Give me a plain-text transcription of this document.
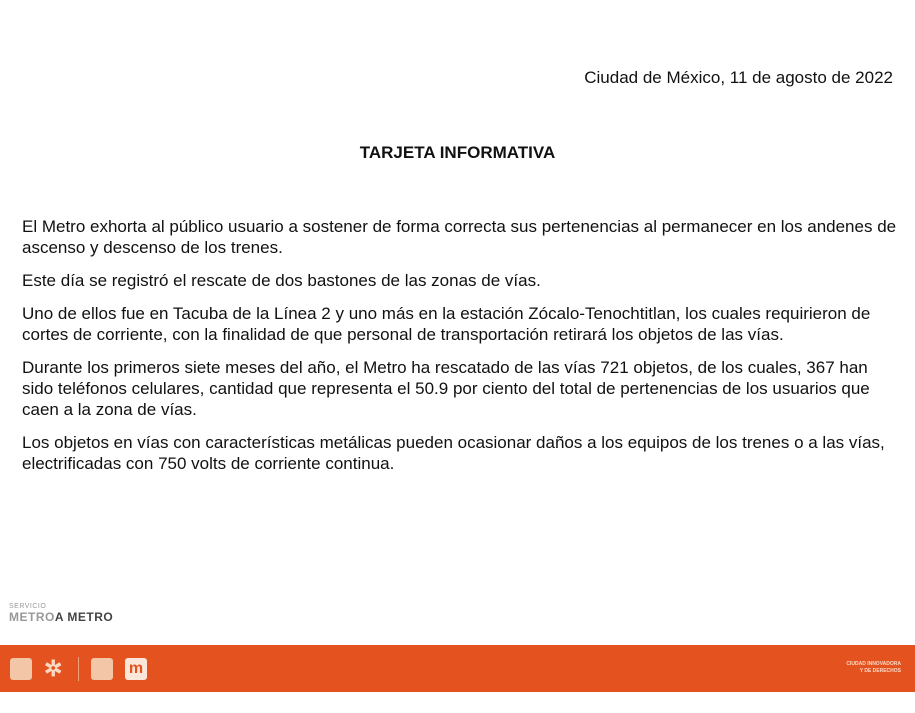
Ciudad de México, 11 de agosto de 2022
TARJETA INFORMATIVA

El Metro exhorta al público usuario a sostener de forma correcta sus pertenencias al permanecer en los andenes de ascenso y descenso de los trenes.

Este día se registró el rescate de dos bastones de las zonas de vías.

Uno de ellos fue en Tacuba de la Línea 2 y uno más en la estación Zócalo-Tenochtitlan, los cuales requirieron de cortes de corriente, con la finalidad de que personal de transportación retirará los objetos de las vías.

Durante los primeros siete meses del año, el Metro ha rescatado de las vías 721 objetos, de los cuales, 367 han sido teléfonos celulares, cantidad que representa el 50.9 por ciento del total de pertenencias de los usuarios que caen a la zona de vías.

Los objetos en vías con características metálicas pueden ocasionar daños a los equipos de los trenes o a las vías, electrificadas con 750 volts de corriente continua.

SERVICIO
METROA METRO
✲	m	CIUDAD INNOVADORA
Y DE DERECHOS
